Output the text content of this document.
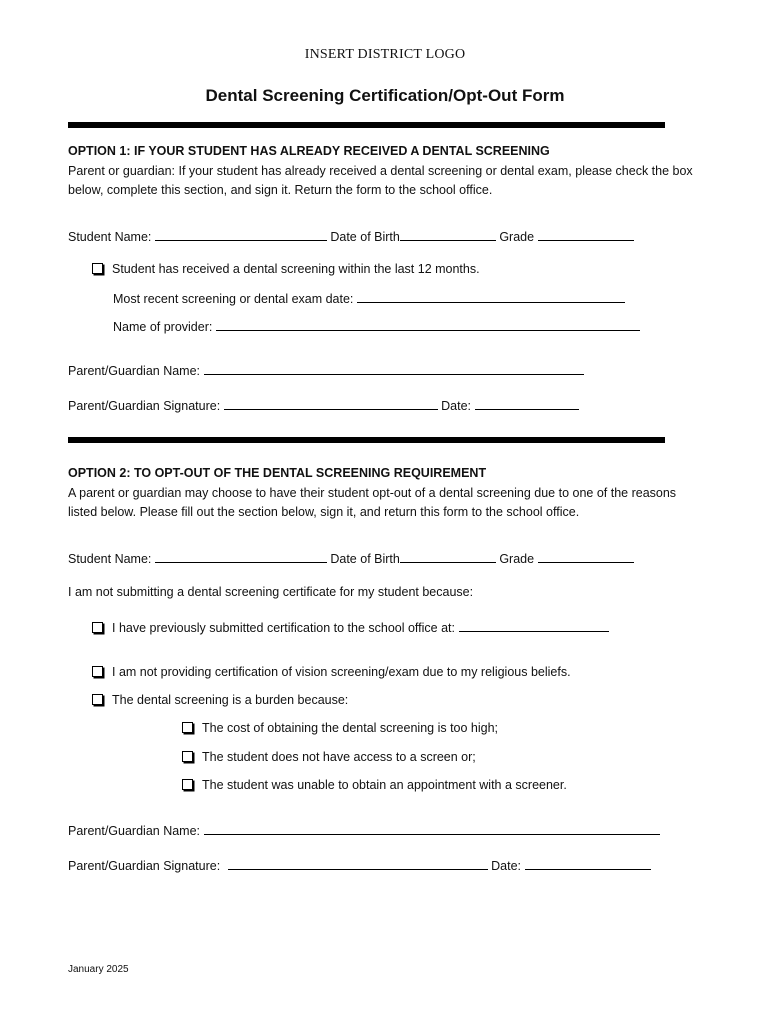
INSERT DISTRICT LOGO
Dental Screening Certification/Opt-Out Form
OPTION 1: IF YOUR STUDENT HAS ALREADY RECEIVED A DENTAL SCREENING
Parent or guardian: If your student has already received a dental screening or dental exam, please check the box below, complete this section, and sign it. Return the form to the school office.
Student Name:	Date of Birth	Grade
Student has received a dental screening within the last 12 months.
Most recent screening or dental exam date:
Name of provider:
Parent/Guardian Name:
Parent/Guardian Signature:	Date:
OPTION 2: TO OPT-OUT OF THE DENTAL SCREENING REQUIREMENT
A parent or guardian may choose to have their student opt-out of a dental screening due to one of the reasons listed below. Please fill out the section below, sign it, and return this form to the school office.
Student Name:	Date of Birth	Grade
I am not submitting a dental screening certificate for my student because:
I have previously submitted certification to the school office at:
I am not providing certification of vision screening/exam due to my religious beliefs.
The dental screening is a burden because:
The cost of obtaining the dental screening is too high;
The student does not have access to a screen or;
The student was unable to obtain an appointment with a screener.
Parent/Guardian Name:
Parent/Guardian Signature:	Date:
January 2025
